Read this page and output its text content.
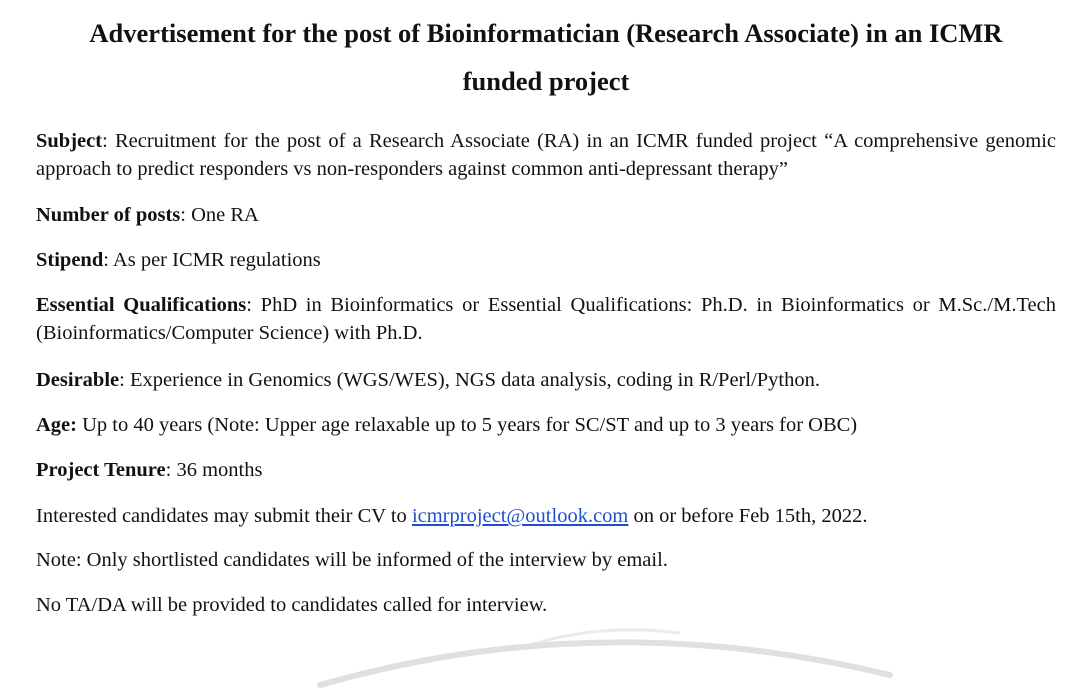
Advertisement for the post of Bioinformatician (Research Associate) in an ICMR
funded project

Subject: Recruitment for the post of a Research Associate (RA) in an ICMR funded project “A comprehensive genomic approach to predict responders vs non-responders against common anti-depressant therapy”

Number of posts: One RA

Stipend: As per ICMR regulations

Essential Qualifications: PhD in Bioinformatics or Essential Qualifications: Ph.D. in Bioinformatics or M.Sc./M.Tech (Bioinformatics/Computer Science) with Ph.D.

Desirable: Experience in Genomics (WGS/WES), NGS data analysis, coding in R/Perl/Python.

Age: Up to 40 years (Note: Upper age relaxable up to 5 years for SC/ST and up to 3 years for OBC)

Project Tenure: 36 months

Interested candidates may submit their CV to icmrproject@outlook.com on or before Feb 15th, 2022.

Note: Only shortlisted candidates will be informed of the interview by email.

No TA/DA will be provided to candidates called for interview.
